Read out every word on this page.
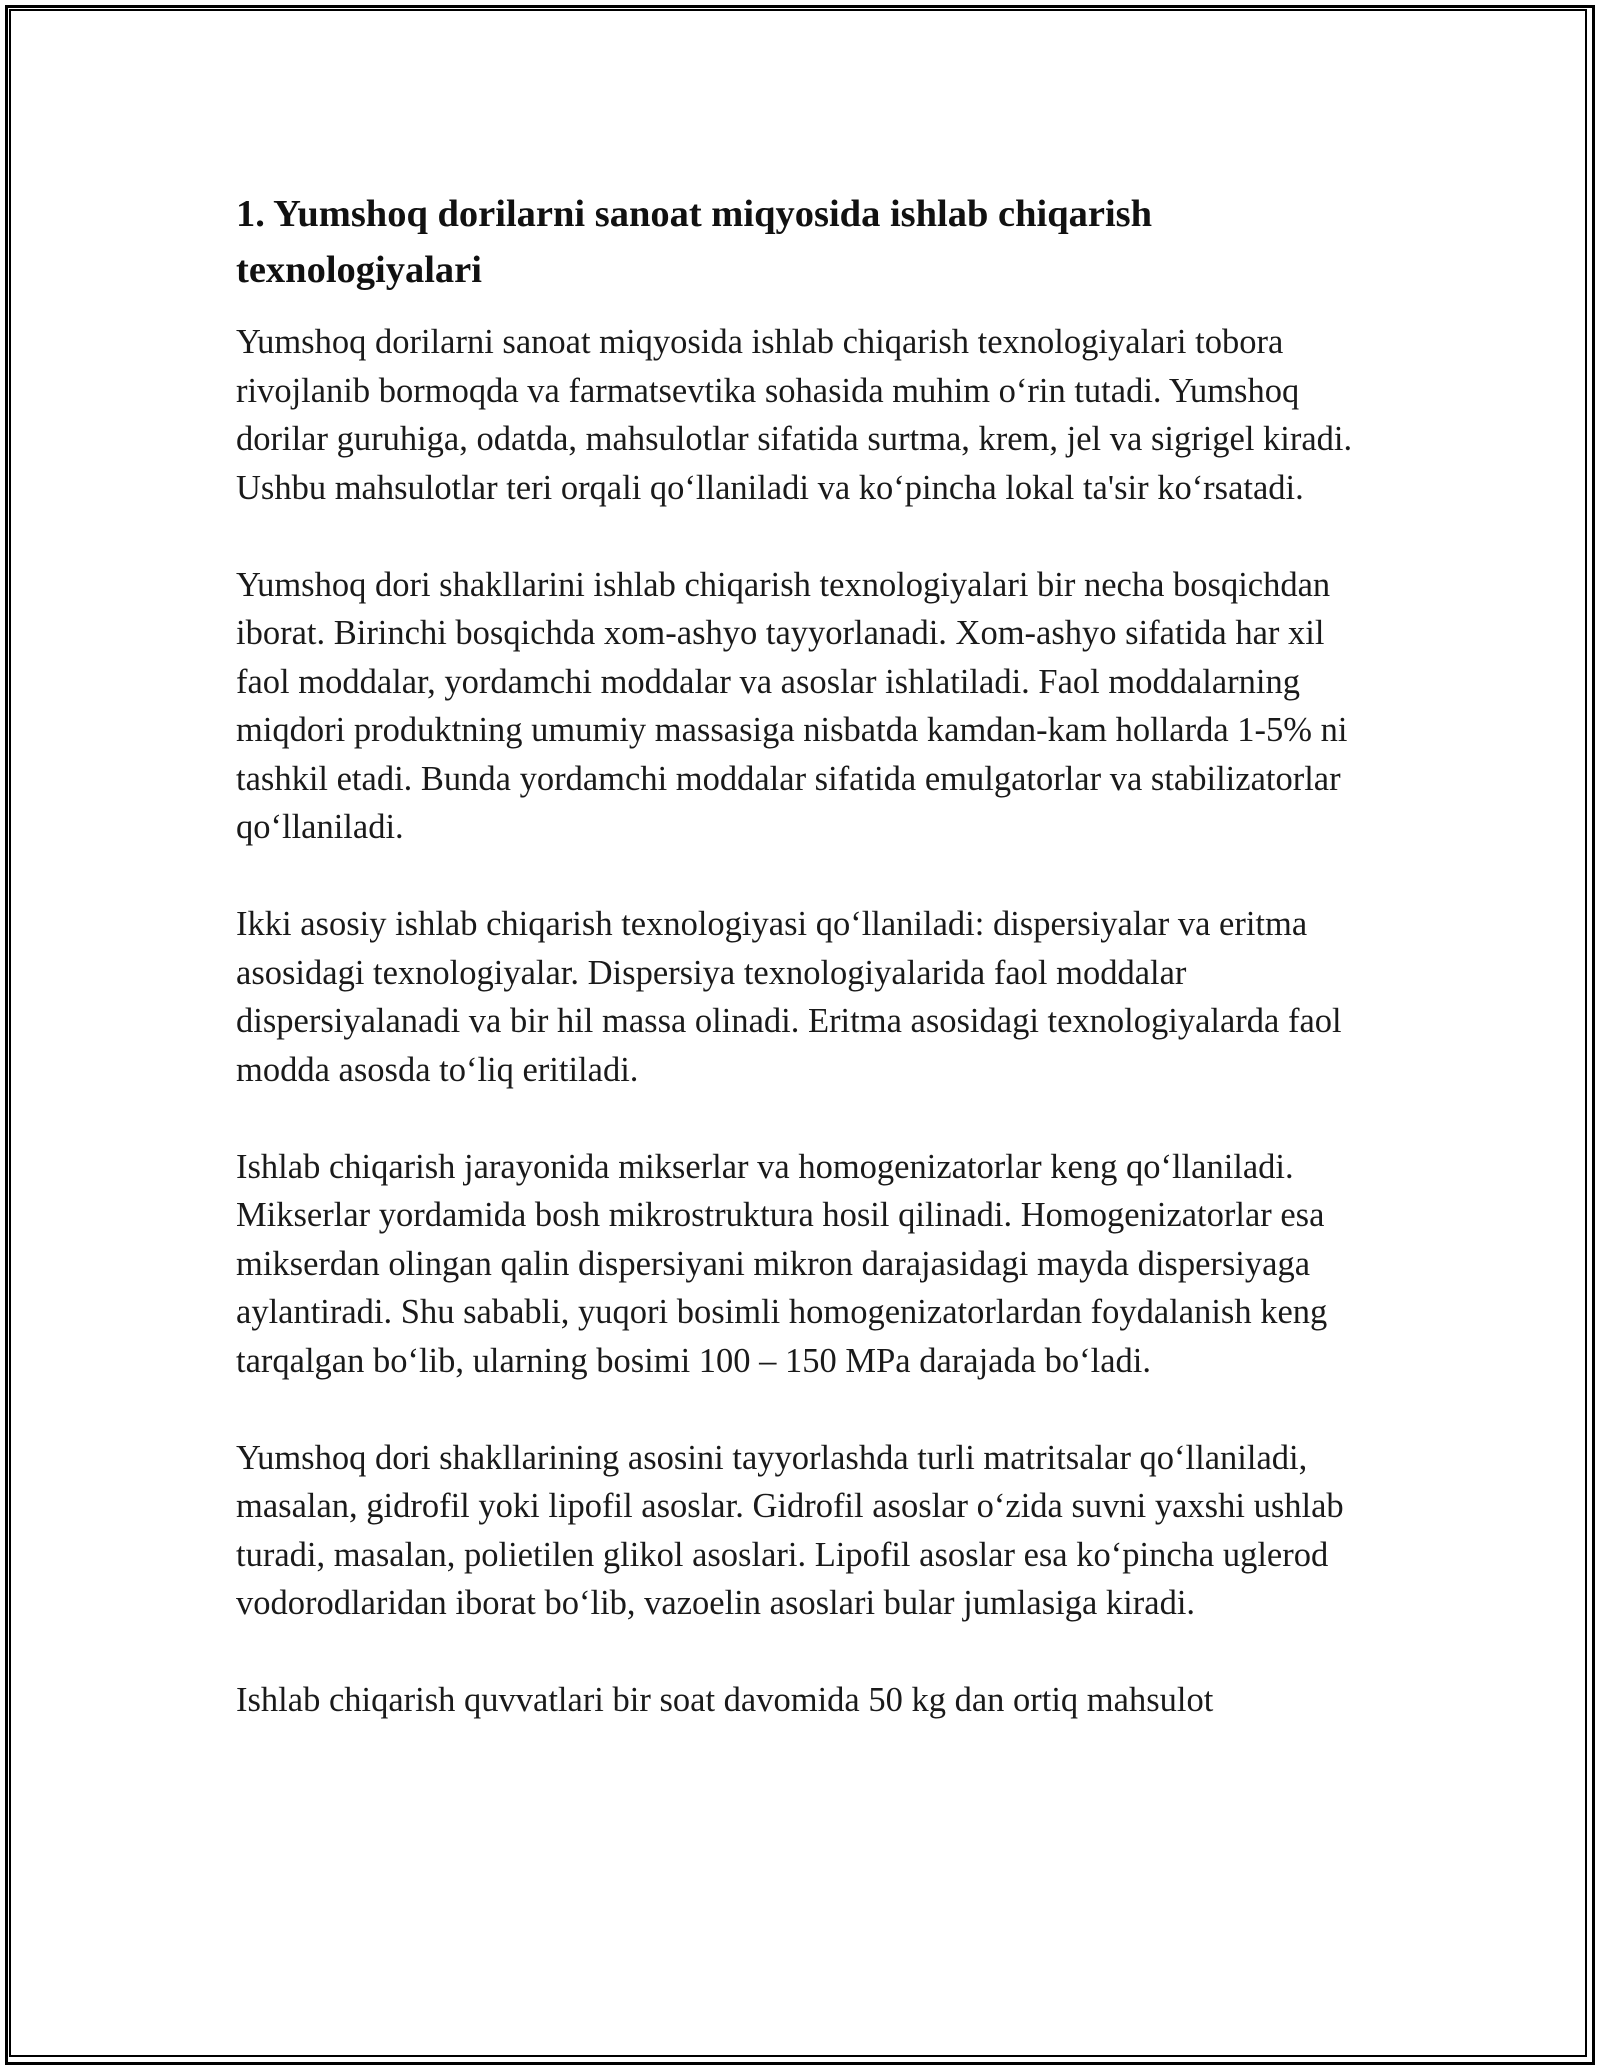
1. Yumshoq dorilarni sanoat miqyosida ishlab chiqarish texnologiyalari

Yumshoq dorilarni sanoat miqyosida ishlab chiqarish texnologiyalari tobora rivojlanib bormoqda va farmatsevtika sohasida muhim o‘rin tutadi. Yumshoq dorilar guruhiga, odatda, mahsulotlar sifatida surtma, krem, jel va sigrigel kiradi. Ushbu mahsulotlar teri orqali qo‘llaniladi va ko‘pincha lokal ta'sir ko‘rsatadi.

Yumshoq dori shakllarini ishlab chiqarish texnologiyalari bir necha bosqichdan iborat. Birinchi bosqichda xom-ashyo tayyorlanadi. Xom-ashyo sifatida har xil faol moddalar, yordamchi moddalar va asoslar ishlatiladi. Faol moddalarning miqdori produktning umumiy massasiga nisbatda kamdan-kam hollarda 1-5% ni tashkil etadi. Bunda yordamchi moddalar sifatida emulgatorlar va stabilizatorlar qo‘llaniladi.

Ikki asosiy ishlab chiqarish texnologiyasi qo‘llaniladi: dispersiyalar va eritma asosidagi texnologiyalar. Dispersiya texnologiyalarida faol moddalar dispersiyalanadi va bir hil massa olinadi. Eritma asosidagi texnologiyalarda faol modda asosda to‘liq eritiladi.

Ishlab chiqarish jarayonida mikserlar va homogenizatorlar keng qo‘llaniladi. Mikserlar yordamida bosh mikrostruktura hosil qilinadi. Homogenizatorlar esa mikserdan olingan qalin dispersiyani mikron darajasidagi mayda dispersiyaga aylantiradi. Shu sababli, yuqori bosimli homogenizatorlardan foydalanish keng tarqalgan bo‘lib, ularning bosimi 100 – 150 MPa darajada bo‘ladi.

Yumshoq dori shakllarining asosini tayyorlashda turli matritsalar qo‘llaniladi, masalan, gidrofil yoki lipofil asoslar. Gidrofil asoslar o‘zida suvni yaxshi ushlab turadi, masalan, polietilen glikol asoslari. Lipofil asoslar esa ko‘pincha uglerod vodorodlaridan iborat bo‘lib, vazoelin asoslari bular jumlasiga kiradi.

Ishlab chiqarish quvvatlari bir soat davomida 50 kg dan ortiq mahsulot
